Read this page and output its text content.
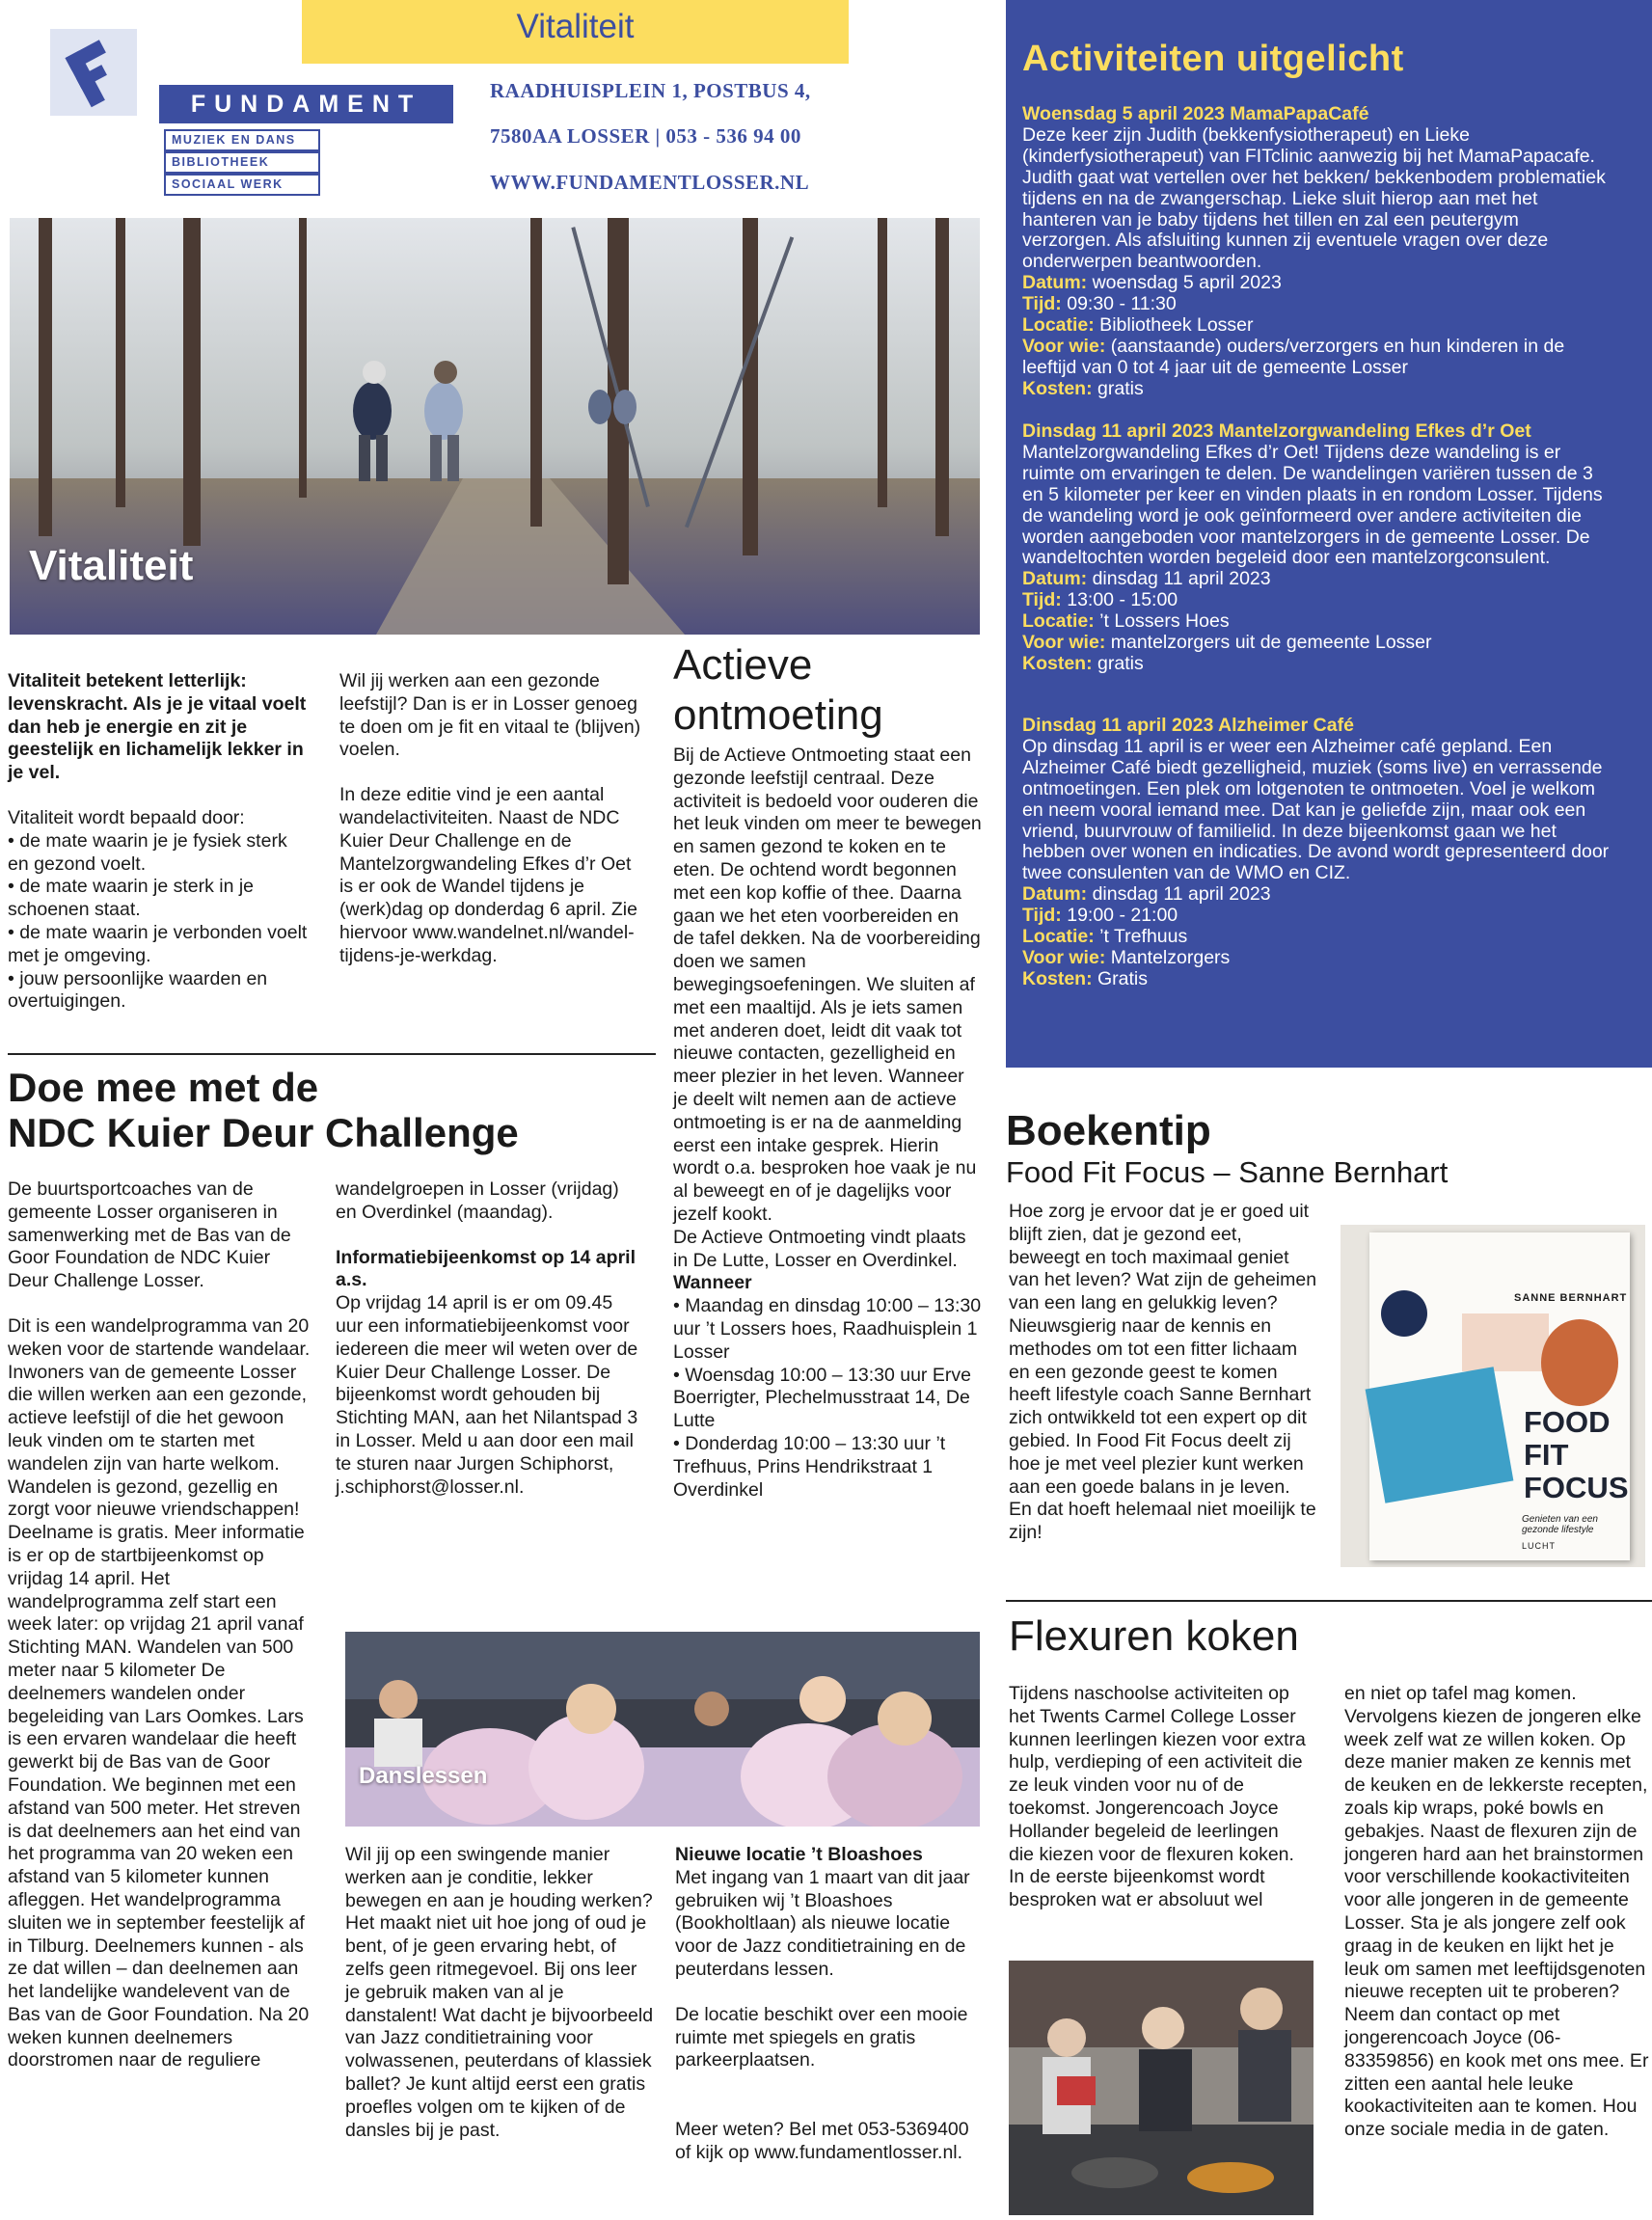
FUNDAMENT
MUZIEK EN DANS
BIBLIOTHEEK
SOCIAAL WERK
Vitaliteit
RAADHUISPLEIN 1, POSTBUS 4,
7580AA LOSSER | 053 - 536 94 00
WWW.FUNDAMENTLOSSER.NL
Vitaliteit

Vitaliteit betekent letterlijk: levenskracht. Als je je vitaal voelt dan heb je energie en zit je geestelijk en lichamelijk lekker in je vel.

Vitaliteit wordt bepaald door:
• de mate waarin je je fysiek sterk en gezond voelt.
• de mate waarin je sterk in je schoenen staat.
• de mate waarin je verbonden voelt met je omgeving.
• jouw persoonlijke waarden en overtuigingen.

Wil jij werken aan een gezonde leefstijl? Dan is er in Losser genoeg te doen om je fit en vitaal te (blijven) voelen.

In deze editie vind je een aantal wandelactiviteiten. Naast de NDC Kuier Deur Challenge en de Mantelzorgwandeling Efkes d’r Oet is er ook de Wandel tijdens je (werk)dag op donderdag 6 april. Zie hiervoor www.wandelnet.nl/wandel-tijdens-je-werkdag.

Actieve
ontmoeting
Bij de Actieve Ontmoeting staat een gezonde leefstijl centraal. Deze activiteit is bedoeld voor ouderen die het leuk vinden om meer te bewegen en samen gezond te koken en te eten. De ochtend wordt begonnen met een kop koffie of thee. Daarna gaan we het eten voorbereiden en de tafel dekken. Na de voorbereiding doen we samen bewegingsoefeningen. We sluiten af met een maaltijd. Als je iets samen met anderen doet, leidt dit vaak tot nieuwe contacten, gezelligheid en meer plezier in het leven. Wanneer je deelt wilt nemen aan de actieve ontmoeting is er na de aanmelding eerst een intake gesprek. Hierin wordt o.a. besproken hoe vaak je nu al beweegt en of je dagelijks voor jezelf kookt.
De Actieve Ontmoeting vindt plaats in De Lutte, Losser en Overdinkel.
Wanneer
• Maandag en dinsdag 10:00 – 13:30 uur ’t Lossers hoes, Raadhuisplein 1 Losser
• Woensdag 10:00 – 13:30 uur Erve Boerrigter, Plechelmusstraat 14, De Lutte
• Donderdag 10:00 – 13:30 uur ’t Trefhuus, Prins Hendrikstraat 1 Overdinkel
Activiteiten uitgelicht
Woensdag 5 april 2023 MamaPapaCafé
Deze keer zijn Judith (bekkenfysiotherapeut) en Lieke (kinderfysiotherapeut) van FITclinic aanwezig bij het MamaPapacafe. Judith gaat wat vertellen over het bekken/ bekkenbodem problematiek tijdens en na de zwangerschap. Lieke sluit hierop aan met het hanteren van je baby tijdens het tillen en zal een peutergym verzorgen. Als afsluiting kunnen zij eventuele vragen over deze onderwerpen beantwoorden.
Datum: woensdag 5 april 2023
Tijd: 09:30 - 11:30
Locatie: Bibliotheek Losser
Voor wie: (aanstaande) ouders/verzorgers en hun kinderen in de leeftijd van 0 tot 4 jaar uit de gemeente Losser
Kosten: gratis
Dinsdag 11 april 2023 Mantelzorgwandeling Efkes d’r Oet
Mantelzorgwandeling Efkes d’r Oet! Tijdens deze wandeling is er ruimte om ervaringen te delen. De wandelingen variëren tussen de 3 en 5 kilometer per keer en vinden plaats in en rondom Losser. Tijdens de wandeling word je ook geïnformeerd over andere activiteiten die worden aangeboden voor mantelzorgers in de gemeente Losser. De wandeltochten worden begeleid door een mantelzorgconsulent.
Datum: dinsdag 11 april 2023
Tijd: 13:00 - 15:00
Locatie: ’t Lossers Hoes
Voor wie: mantelzorgers uit de gemeente Losser
Kosten: gratis
Dinsdag 11 april 2023 Alzheimer Café
Op dinsdag 11 april is er weer een Alzheimer café gepland. Een Alzheimer Café biedt gezelligheid, muziek (soms live) en verrassende ontmoetingen. Een plek om lotgenoten te ontmoeten. Voel je welkom en neem vooral iemand mee. Dat kan je geliefde zijn, maar ook een vriend, buurvrouw of familielid. In deze bijeenkomst gaan we het hebben over wonen en indicaties. De avond wordt gepresenteerd door twee consulenten van de WMO en CIZ.
Datum: dinsdag 11 april 2023
Tijd: 19:00 - 21:00
Locatie: ’t Trefhuus
Voor wie: Mantelzorgers
Kosten: Gratis
Doe mee met de
NDC Kuier Deur Challenge

De buurtsportcoaches van de gemeente Losser organiseren in samenwerking met de Bas van de Goor Foundation de NDC Kuier Deur Challenge Losser.

Dit is een wandelprogramma van 20 weken voor de startende wandelaar. Inwoners van de gemeente Losser die willen werken aan een gezonde, actieve leefstijl of die het gewoon leuk vinden om te starten met wandelen zijn van harte welkom. Wandelen is gezond, gezellig en zorgt voor nieuwe vriendschappen! Deelname is gratis. Meer informatie is er op de startbijeenkomst op vrijdag 14 april. Het wandelprogramma zelf start een week later: op vrijdag 21 april vanaf Stichting MAN. Wandelen van 500 meter naar 5 kilometer De deelnemers wandelen onder begeleiding van Lars Oomkes. Lars is een ervaren wandelaar die heeft gewerkt bij de Bas van de Goor Foundation. We beginnen met een afstand van 500 meter. Het streven is dat deelnemers aan het eind van het programma van 20 weken een afstand van 5 kilometer kunnen afleggen. Het wandelprogramma sluiten we in september feestelijk af in Tilburg. Deelnemers kunnen - als ze dat willen – dan deelnemen aan het landelijke wandelevent van de Bas van de Goor Foundation. Na 20 weken kunnen deelnemers doorstromen naar de reguliere

wandelgroepen in Losser (vrijdag) en Overdinkel (maandag).

Informatiebijeenkomst op 14 april a.s.
Op vrijdag 14 april is er om 09.45 uur een informatiebijeenkomst voor iedereen die meer wil weten over de Kuier Deur Challenge Losser. De bijeenkomst wordt gehouden bij Stichting MAN, aan het Nilantspad 3 in Losser. Meld u aan door een mail te sturen naar Jurgen Schiphorst, j.schiphorst@losser.nl.
Danslessen
Wil jij op een swingende manier werken aan je conditie, lekker bewegen en aan je houding werken? Het maakt niet uit hoe jong of oud je bent, of je geen ervaring hebt, of zelfs geen ritmegevoel. Bij ons leer je gebruik maken van al je danstalent! Wat dacht je bijvoorbeeld van Jazz conditietraining voor volwassenen, peuterdans of klassiek ballet? Je kunt altijd eerst een gratis proefles volgen om te kijken of de dansles bij je past.
Nieuwe locatie ’t Bloashoes

Met ingang van 1 maart van dit jaar gebruiken wij ’t Bloashoes (Bookholtlaan) als nieuwe locatie voor de Jazz conditietraining en de peuterdans lessen.

De locatie beschikt over een mooie ruimte met spiegels en gratis parkeerplaatsen.

Meer weten? Bel met 053-5369400 of kijk op www.fundamentlosser.nl.

Boekentip
Food Fit Focus – Sanne Bernhart
Hoe zorg je ervoor dat je er goed uit blijft zien, dat je gezond eet, beweegt en toch maximaal geniet van het leven? Wat zijn de geheimen van een lang en gelukkig leven? Nieuwsgierig naar de kennis en methodes om tot een fitter lichaam en een gezonde geest te komen heeft lifestyle coach Sanne Bernhart zich ontwikkeld tot een expert op dit gebied. In Food Fit Focus deelt zij hoe je met veel plezier kunt werken aan een goede balans in je leven. En dat hoeft helemaal niet moeilijk te zijn!
SANNE BERNHART
FOOD
FIT
FOCUS
Genieten van een gezonde lifestyle
LUCHT
Flexuren koken
Tijdens naschoolse activiteiten op het Twents Carmel College Losser kunnen leerlingen kiezen voor extra hulp, verdieping of een activiteit die ze leuk vinden voor nu of de toekomst. Jongerencoach Joyce Hollander begeleid de leerlingen die kiezen voor de flexuren koken. In de eerste bijeenkomst wordt besproken wat er absoluut wel
en niet op tafel mag komen. Vervolgens kiezen de jongeren elke week zelf wat ze willen koken. Op deze manier maken ze kennis met de keuken en de lekkerste recepten, zoals kip wraps, poké bowls en gebakjes. Naast de flexuren zijn de jongeren hard aan het brainstormen voor verschillende kookactiviteiten voor alle jongeren in de gemeente Losser. Sta je als jongere zelf ook graag in de keuken en lijkt het je leuk om samen met leeftijdsgenoten nieuwe recepten uit te proberen? Neem dan contact op met jongerencoach Joyce (06-83359856) en kook met ons mee. Er zitten een aantal hele leuke kookactiviteiten aan te komen. Hou onze sociale media in de gaten.
